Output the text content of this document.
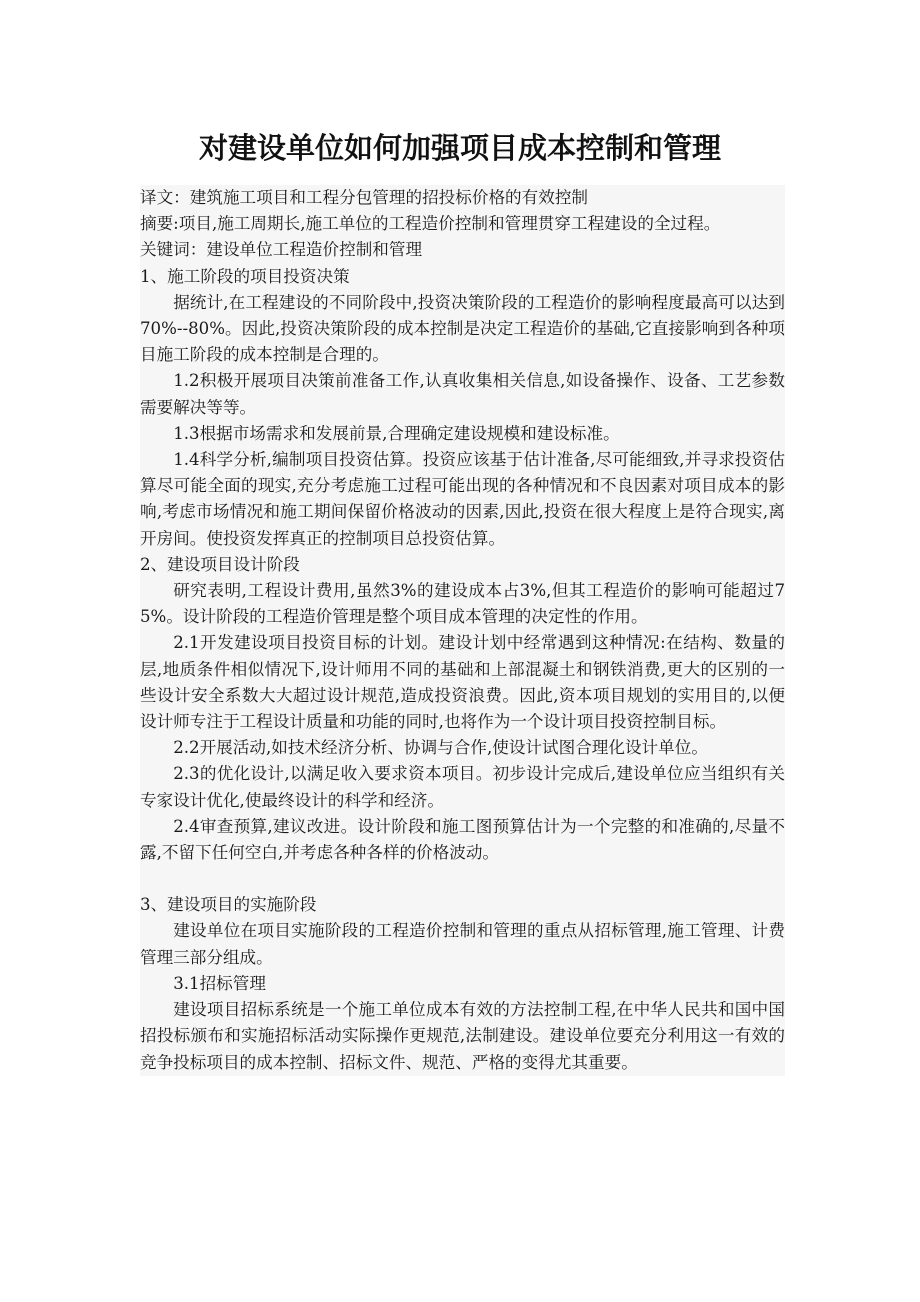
对建设单位如何加强项目成本控制和管理

译文：建筑施工项目和工程分包管理的招投标价格的有效控制

摘要:项目,施工周期长,施工单位的工程造价控制和管理贯穿工程建设的全过程。

关键词：建设单位工程造价控制和管理

1、施工阶段的项目投资决策

据统计,在工程建设的不同阶段中,投资决策阶段的工程造价的影响程度最高可以达到70%--80%。因此,投资决策阶段的成本控制是决定工程造价的基础,它直接影响到各种项目施工阶段的成本控制是合理的。

1.2积极开展项目决策前准备工作,认真收集相关信息,如设备操作、设备、工艺参数需要解决等等。

1.3根据市场需求和发展前景,合理确定建设规模和建设标准。

1.4科学分析,编制项目投资估算。投资应该基于估计准备,尽可能细致,并寻求投资估算尽可能全面的现实,充分考虑施工过程可能出现的各种情况和不良因素对项目成本的影响,考虑市场情况和施工期间保留价格波动的因素,因此,投资在很大程度上是符合现实,离开房间。使投资发挥真正的控制项目总投资估算。

2、建设项目设计阶段

研究表明,工程设计费用,虽然3%的建设成本占3%,但其工程造价的影响可能超过75%。设计阶段的工程造价管理是整个项目成本管理的决定性的作用。

2.1开发建设项目投资目标的计划。建设计划中经常遇到这种情况:在结构、数量的层,地质条件相似情况下,设计师用不同的基础和上部混凝土和钢铁消费,更大的区别的一些设计安全系数大大超过设计规范,造成投资浪费。因此,资本项目规划的实用目的,以便设计师专注于工程设计质量和功能的同时,也将作为一个设计项目投资控制目标。

2.2开展活动,如技术经济分析、协调与合作,使设计试图合理化设计单位。

2.3的优化设计,以满足收入要求资本项目。初步设计完成后,建设单位应当组织有关专家设计优化,使最终设计的科学和经济。

2.4审查预算,建议改进。设计阶段和施工图预算估计为一个完整的和准确的,尽量不露,不留下任何空白,并考虑各种各样的价格波动。

3、建设项目的实施阶段

建设单位在项目实施阶段的工程造价控制和管理的重点从招标管理,施工管理、计费管理三部分组成。

3.1招标管理

建设项目招标系统是一个施工单位成本有效的方法控制工程,在中华人民共和国中国招投标颁布和实施招标活动实际操作更规范,法制建设。建设单位要充分利用这一有效的竞争投标项目的成本控制、招标文件、规范、严格的变得尤其重要。
